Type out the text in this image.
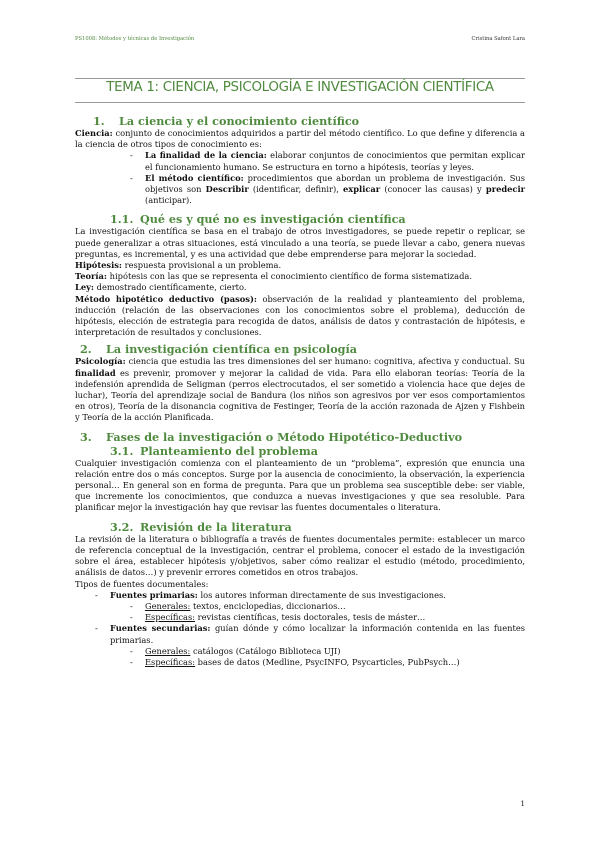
PS1008: Métodos y técnicas de Investigación	Cristina Safont Lara
TEMA 1: CIENCIA, PSICOLOGÍA E INVESTIGACIÓN CIENTÍFICA
1. La ciencia y el conocimiento científico

Ciencia: conjunto de conocimientos adquiridos a partir del método científico. Lo que define y diferencia a la ciencia de otros tipos de conocimiento es:

- La finalidad de la ciencia: elaborar conjuntos de conocimientos que permitan explicar el funcionamiento humano. Se estructura en torno a hipótesis, teorías y leyes.
- El método científico: procedimientos que abordan un problema de investigación. Sus objetivos son Describir (identificar, definir), explicar (conocer las causas) y predecir (anticipar).
1.1. Qué es y qué no es investigación científica

La investigación científica se basa en el trabajo de otros investigadores, se puede repetir o replicar, se puede generalizar a otras situaciones, está vinculado a una teoría, se puede llevar a cabo, genera nuevas preguntas, es incremental, y es una actividad que debe emprenderse para mejorar la sociedad.

Hipótesis: respuesta provisional a un problema.

Teoría: hipótesis con las que se representa el conocimiento científico de forma sistematizada.

Ley: demostrado científicamente, cierto.

Método hipotético deductivo (pasos): observación de la realidad y planteamiento del problema, inducción (relación de las observaciones con los conocimientos sobre el problema), deducción de hipótesis, elección de estrategia para recogida de datos, análisis de datos y contrastación de hipótesis, e interpretación de resultados y conclusiones.

2. La investigación científica en psicología

Psicología: ciencia que estudia las tres dimensiones del ser humano: cognitiva, afectiva y conductual. Su finalidad es prevenir, promover y mejorar la calidad de vida. Para ello elaboran teorías: Teoría de la indefensión aprendida de Seligman (perros electrocutados, el ser sometido a violencia hace que dejes de luchar), Teoría del aprendizaje social de Bandura (los niños son agresivos por ver esos comportamientos en otros), Teoría de la disonancia cognitiva de Festinger, Teoría de la acción razonada de Ajzen y Fishbein y Teoría de la acción Planificada.

3. Fases de la investigación o Método Hipotético-Deductivo
3.1. Planteamiento del problema

Cualquier investigación comienza con el planteamiento de un “problema”, expresión que enuncia una relación entre dos o más conceptos. Surge por la ausencia de conocimiento, la observación, la experiencia personal… En general son en forma de pregunta. Para que un problema sea susceptible debe: ser viable, que incremente los conocimientos, que conduzca a nuevas investigaciones y que sea resoluble. Para planificar mejor la investigación hay que revisar las fuentes documentales o literatura.

3.2. Revisión de la literatura

La revisión de la literatura o bibliografía a través de fuentes documentales permite: establecer un marco de referencia conceptual de la investigación, centrar el problema, conocer el estado de la investigación sobre el área, establecer hipótesis y/objetivos, saber cómo realizar el estudio (método, procedimiento, análisis de datos…) y prevenir errores cometidos en otros trabajos.

Tipos de fuentes documentales:

- Fuentes primarias: los autores informan directamente de sus investigaciones.
- Generales: textos, enciclopedias, diccionarios…
- Específicas: revistas científicas, tesis doctorales, tesis de máster…
- Fuentes secundarias: guían dónde y cómo localizar la información contenida en las fuentes primarias.
- Generales: catálogos (Catálogo Biblioteca UJI)
- Específicas: bases de datos (Medline, PsycINFO, Psycarticles, PubPsych…)
1
